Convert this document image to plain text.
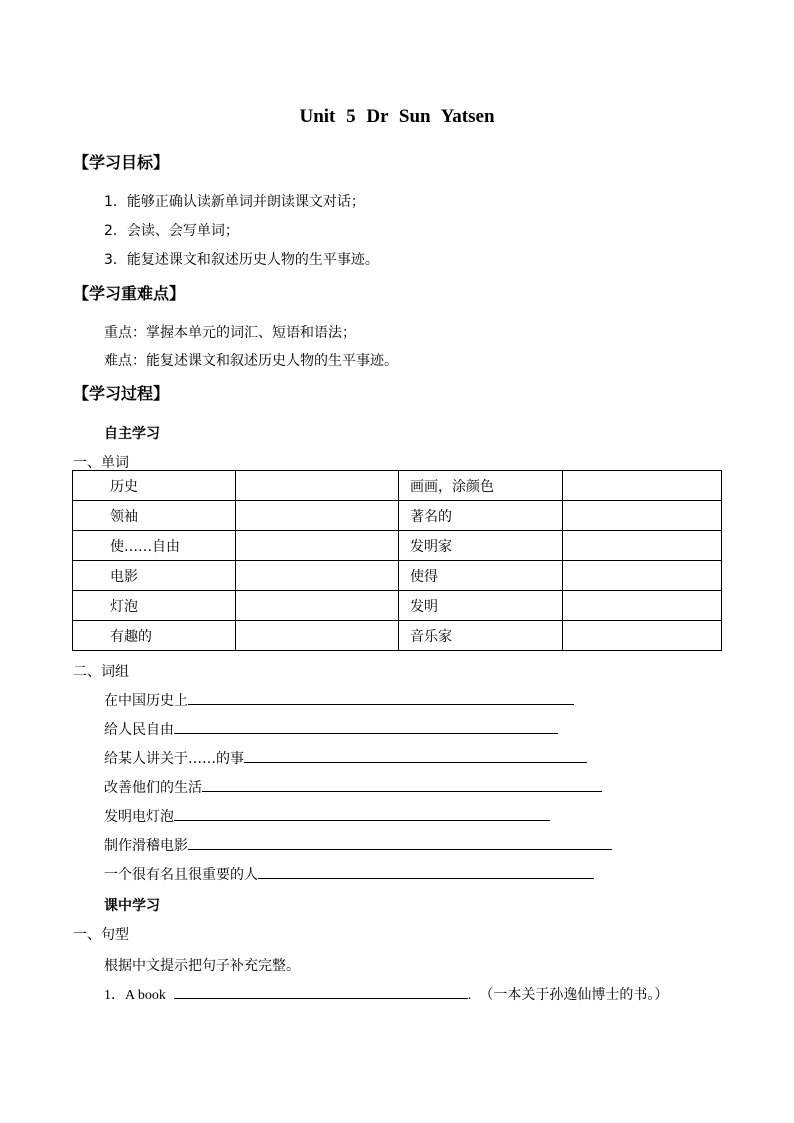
Unit 5 Dr Sun Yatsen
【学习目标】
1．能够正确认读新单词并朗读课文对话；
2．会读、会写单词；
3．能复述课文和叙述历史人物的生平事迹。
【学习重难点】
重点：掌握本单元的词汇、短语和语法；
难点：能复述课文和叙述历史人物的生平事迹。
【学习过程】
自主学习
一、单词
历史		画画，涂颜色	
领袖		著名的	
使……自由		发明家	
电影		使得	
灯泡		发明	
有趣的		音乐家	
二、词组
在中国历史上
给人民自由
给某人讲关于……的事
改善他们的生活
发明电灯泡
制作滑稽电影
一个很有名且很重要的人
课中学习
一、句型
根据中文提示把句子补充完整。
1．A book	. （一本关于孙逸仙博士的书。）
